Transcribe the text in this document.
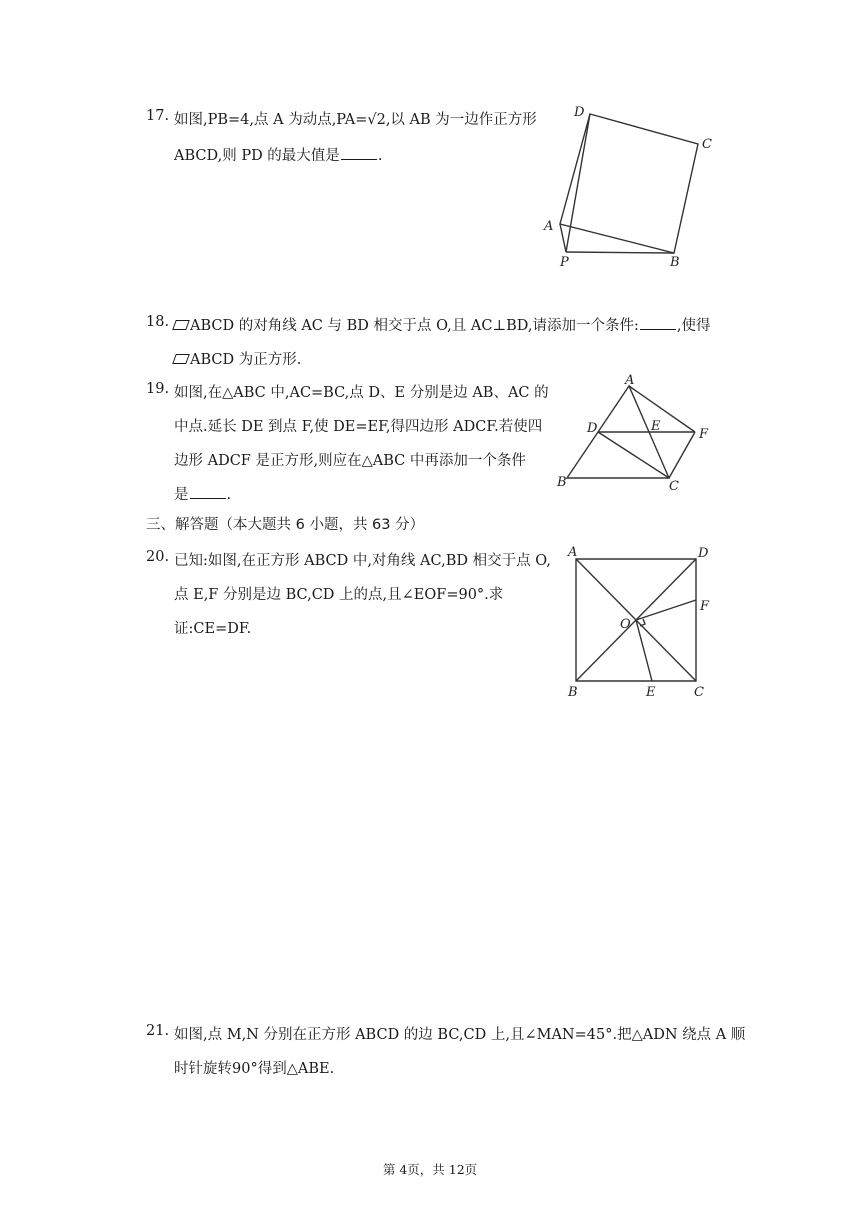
17. 如图,PB=4,点 A 为动点,PA=√2,以 AB 为一边作正方形
ABCD,则 PD 的最大值是	.
D
C
A
P	B
18.	ABCD 的对角线 AC 与 BD 相交于点 O,且 AC⊥BD,请添加一个条件:	,使得
ABCD 为正方形.
19. 如图,在△ABC 中,AC=BC,点 D、E 分别是边 AB、AC 的
中点.延长 DE 到点 F,使 DE=EF,得四边形 ADCF.若使四
边形 ADCF 是正方形,则应在△ABC 中再添加一个条件
是	.
A
D	E
F
B	C
三、解答题（本大题共 6 小题，共 63 分）
20. 已知:如图,在正方形 ABCD 中,对角线 AC,BD 相交于点 O,
点 E,F 分别是边 BC,CD 上的点,且∠EOF=90°.求
证:CE=DF.
A	D
F
O
B	E	C
21. 如图,点 M,N 分别在正方形 ABCD 的边 BC,CD 上,且∠MAN=45°.把△ADN 绕点 A 顺
时针旋转90°得到△ABE.
第 4页，共 12页
